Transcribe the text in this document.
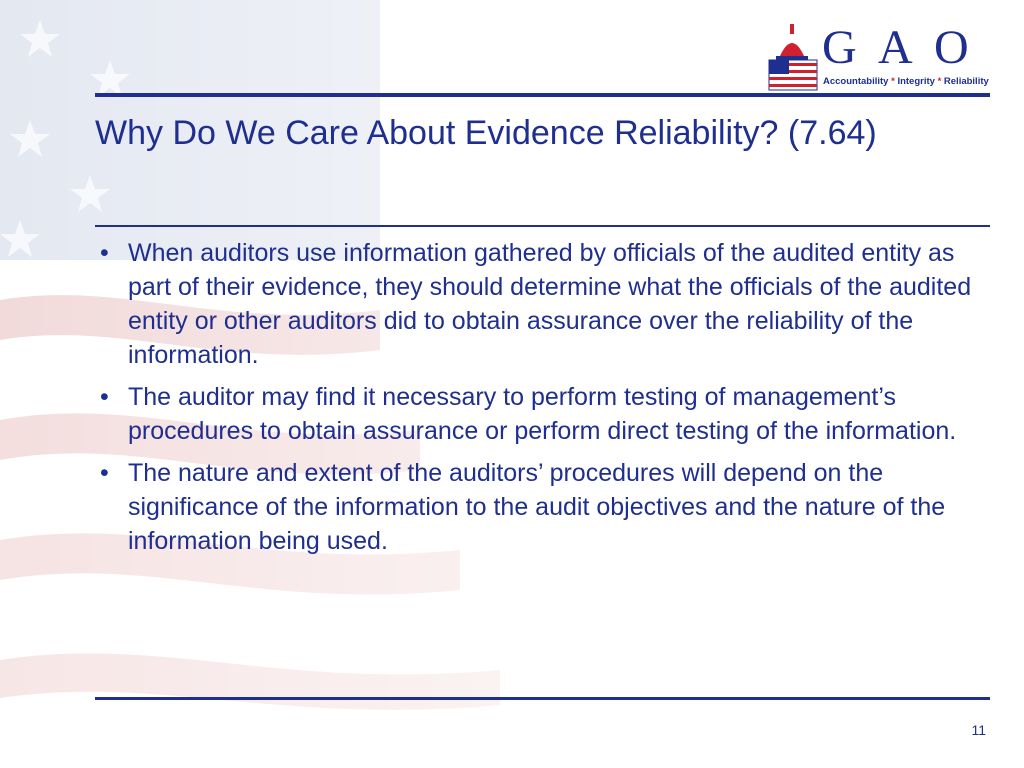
G A O
Accountability * Integrity * Reliability
Why Do We Care About Evidence Reliability? (7.64)
• When auditors use information gathered by officials of the audited entity as part of their evidence, they should determine what the officials of the audited entity or other auditors did to obtain assurance over the reliability of the information.
• The auditor may find it necessary to perform testing of management’s procedures to obtain assurance or perform direct testing of the information.
• The nature and extent of the auditors’ procedures will depend on the significance of the information to the audit objectives and the nature of the information being used.
11
